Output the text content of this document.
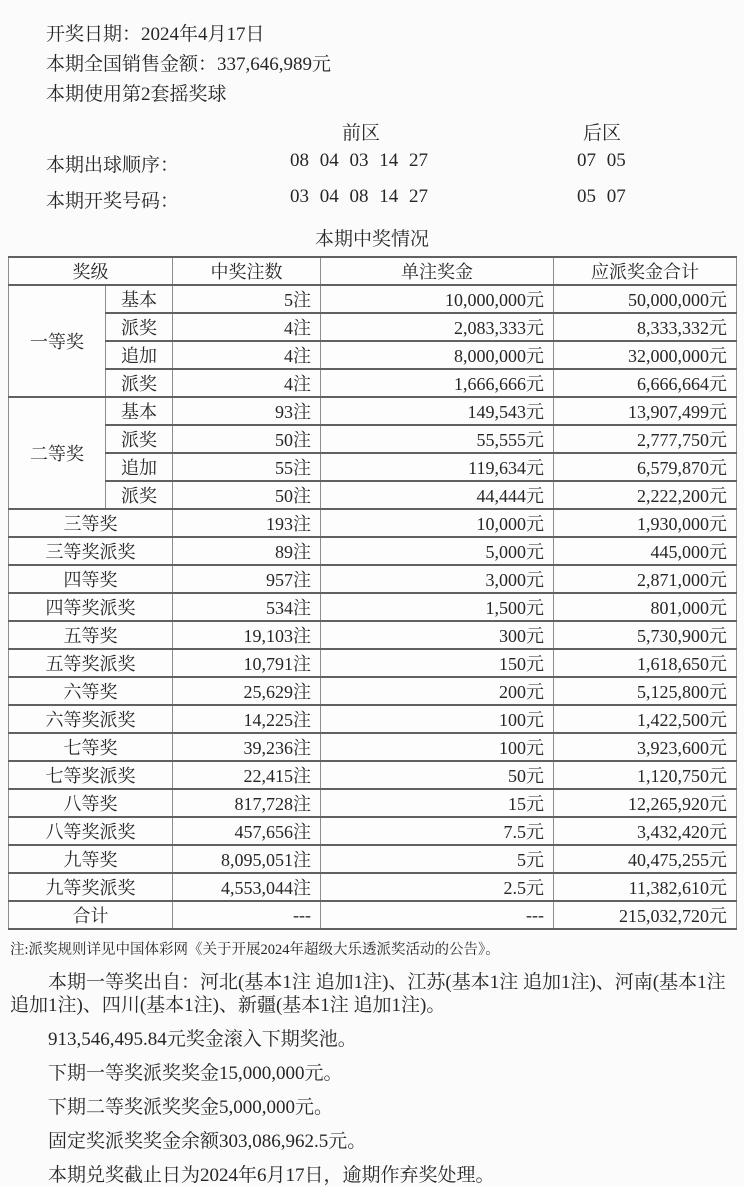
开奖日期：2024年4月17日
本期全国销售金额：337,646,989元
本期使用第2套摇奖球
前区	后区
本期出球顺序：	08 04 03 14 27	07 05
本期开奖号码：	03 04 08 14 27	05 07
本期中奖情况
奖级		中奖注数	单注奖金	应派奖金合计
一等奖	基本	5注	10,000,000元	50,000,000元
	派奖	4注	2,083,333元	8,333,332元
	追加	4注	8,000,000元	32,000,000元
	派奖	4注	1,666,666元	6,666,664元
二等奖	基本	93注	149,543元	13,907,499元
	派奖	50注	55,555元	2,777,750元
	追加	55注	119,634元	6,579,870元
	派奖	50注	44,444元	2,222,200元
三等奖		193注	10,000元	1,930,000元
三等奖派奖		89注	5,000元	445,000元
四等奖		957注	3,000元	2,871,000元
四等奖派奖		534注	1,500元	801,000元
五等奖		19,103注	300元	5,730,900元
五等奖派奖		10,791注	150元	1,618,650元
六等奖		25,629注	200元	5,125,800元
六等奖派奖		14,225注	100元	1,422,500元
七等奖		39,236注	100元	3,923,600元
七等奖派奖		22,415注	50元	1,120,750元
八等奖		817,728注	15元	12,265,920元
八等奖派奖		457,656注	7.5元	3,432,420元
九等奖		8,095,051注	5元	40,475,255元
九等奖派奖		4,553,044注	2.5元	11,382,610元
合计		---	---	215,032,720元

注:派奖规则详见中国体彩网《关于开展2024年超级大乐透派奖活动的公告》。

本期一等奖出自：河北(基本1注 追加1注)、江苏(基本1注 追加1注)、河南(基本1注 追加1注)、四川(基本1注)、新疆(基本1注 追加1注)。

913,546,495.84元奖金滚入下期奖池。

下期一等奖派奖奖金15,000,000元。

下期二等奖派奖奖金5,000,000元。

固定奖派奖奖金余额303,086,962.5元。

本期兑奖截止日为2024年6月17日，逾期作弃奖处理。
